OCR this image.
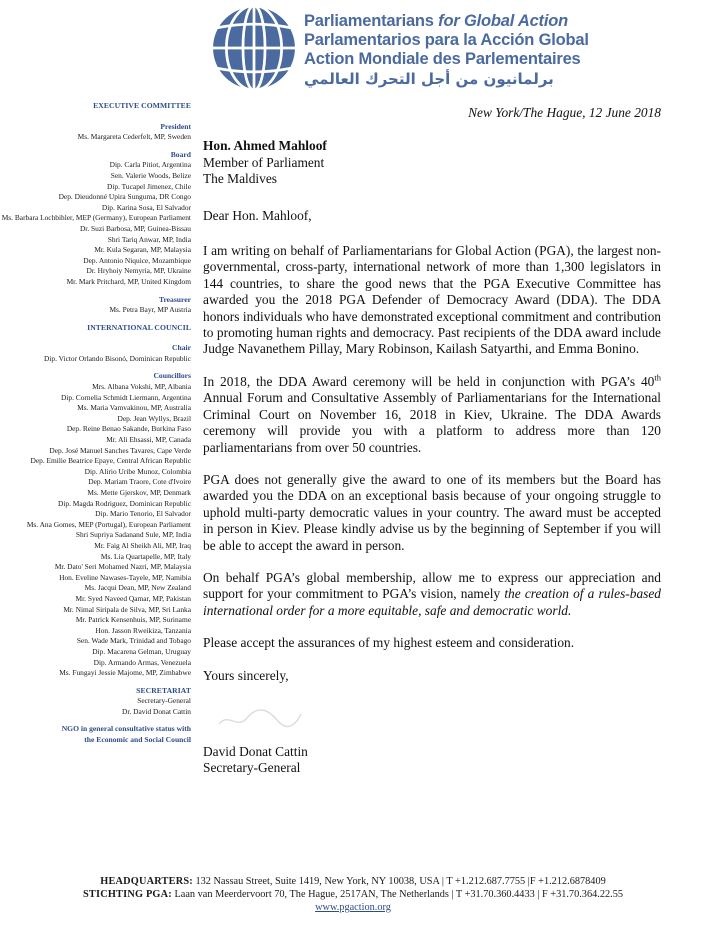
Parliamentarians for Global Action
Parlamentarios para la Acción Global
Action Mondiale des Parlementaires
برلمانيون من أجل التحرك العالمي
EXECUTIVE COMMITTEE
President
Ms. Margareta Cederfelt, MP, Sweden
Board
Dip. Carla Pitiot, Argentina
Sen. Valerie Woods, Belize
Dip. Tucapel Jimenez, Chile
Dep. Dieudonné Upira Sunguma, DR Congo
Dip. Karina Sosa, El Salvador
Ms. Barbara Lochbihler, MEP (Germany), European Parliament
Dr. Suzi Barbosa, MP, Guinea-Bissau
Shri Tariq Anwar, MP, India
Mr. Kula Segaran, MP, Malaysia
Dep. Antonio Niquice, Mozambique
Dr. Hryhoiy Nemyria, MP, Ukraine
Mr. Mark Pritchard, MP, United Kingdom
Treasurer
Ms. Petra Bayr, MP Austria
INTERNATIONAL COUNCIL
Chair
Dip. Victor Orlando Bisonó, Dominican Republic
Councillors
Mrs. Albana Vokshi, MP, Albania
Dip. Cornelia Schmidt Liermann, Argentina
Ms. Maria Vamvakinou, MP, Australia
Dep. Jean Wyllys, Brazil
Dep. Reine Benao Sakande, Burkina Faso
Mr. Ali Ehsassi, MP, Canada
Dep. José Manuel Sanches Tavares, Cape Verde
Dep. Emilie Beatrice Epaye, Central African Republic
Dip. Alirio Uribe Munoz, Colombia
Dep. Mariam Traore, Cote d'Ivoire
Ms. Mette Gjerskov, MP, Denmark
Dip. Magda Rodriguez, Dominican Republic
Dip. Mario Tenorio, El Salvador
Ms. Ana Gomes, MEP (Portugal), European Parliament
Shri Supriya Sadanand Sule, MP, India
Mr. Faig Al Sheikh Ali, MP, Iraq
Ms. Lia Quartapelle, MP, Italy
Mr. Dato' Seri Mohamed Nazri, MP, Malaysia
Hon. Eveline Nawases-Tayele, MP, Namibia
Ms. Jacqui Dean, MP, New Zealand
Mr. Syed Naveed Qamar, MP, Pakistan
Mr. Nimal Siripala de Silva, MP, Sri Lanka
Mr. Patrick Kensenhuis, MP, Suriname
Hon. Jasson Rweikiza, Tanzania
Sen. Wade Mark, Trinidad and Tobago
Dip. Macarena Gelman, Uruguay
Dip. Armando Armas, Venezuela
Ms. Fungayi Jessie Majome, MP, Zimbabwe
SECRETARIAT
Secretary-General
Dr. David Donat Cattin
NGO in general consultative status with the Economic and Social Council

New York/The Hague, 12 June 2018

Hon. Ahmed Mahloof

Member of Parliament

The Maldives

Dear Hon. Mahloof,

I am writing on behalf of Parliamentarians for Global Action (PGA), the largest non-governmental, cross-party, international network of more than 1,300 legislators in 144 countries, to share the good news that the PGA Executive Committee has awarded you the 2018 PGA Defender of Democracy Award (DDA). The DDA honors individuals who have demonstrated exceptional commitment and contribution to promoting human rights and democracy. Past recipients of the DDA award include Judge Navanethem Pillay, Mary Robinson, Kailash Satyarthi, and Emma Bonino.

In 2018, the DDA Award ceremony will be held in conjunction with PGA’s 40th Annual Forum and Consultative Assembly of Parliamentarians for the International Criminal Court on November 16, 2018 in Kiev, Ukraine. The DDA Awards ceremony will provide you with a platform to address more than 120 parliamentarians from over 50 countries.

PGA does not generally give the award to one of its members but the Board has awarded you the DDA on an exceptional basis because of your ongoing struggle to uphold multi-party democratic values in your country. The award must be accepted in person in Kiev. Please kindly advise us by the beginning of September if you will be able to accept the award in person.

On behalf PGA’s global membership, allow me to express our appreciation and support for your commitment to PGA’s vision, namely the creation of a rules-based international order for a more equitable, safe and democratic world.

Please accept the assurances of my highest esteem and consideration.

Yours sincerely,

David Donat Cattin

Secretary-General

HEADQUARTERS: 132 Nassau Street, Suite 1419, New York, NY 10038, USA | T +1.212.687.7755 |F +1.212.6878409
STICHTING PGA: Laan van Meerdervoort 70, The Hague, 2517AN, The Netherlands | T +31.70.360.4433 | F +31.70.364.22.55
www.pgaction.org
